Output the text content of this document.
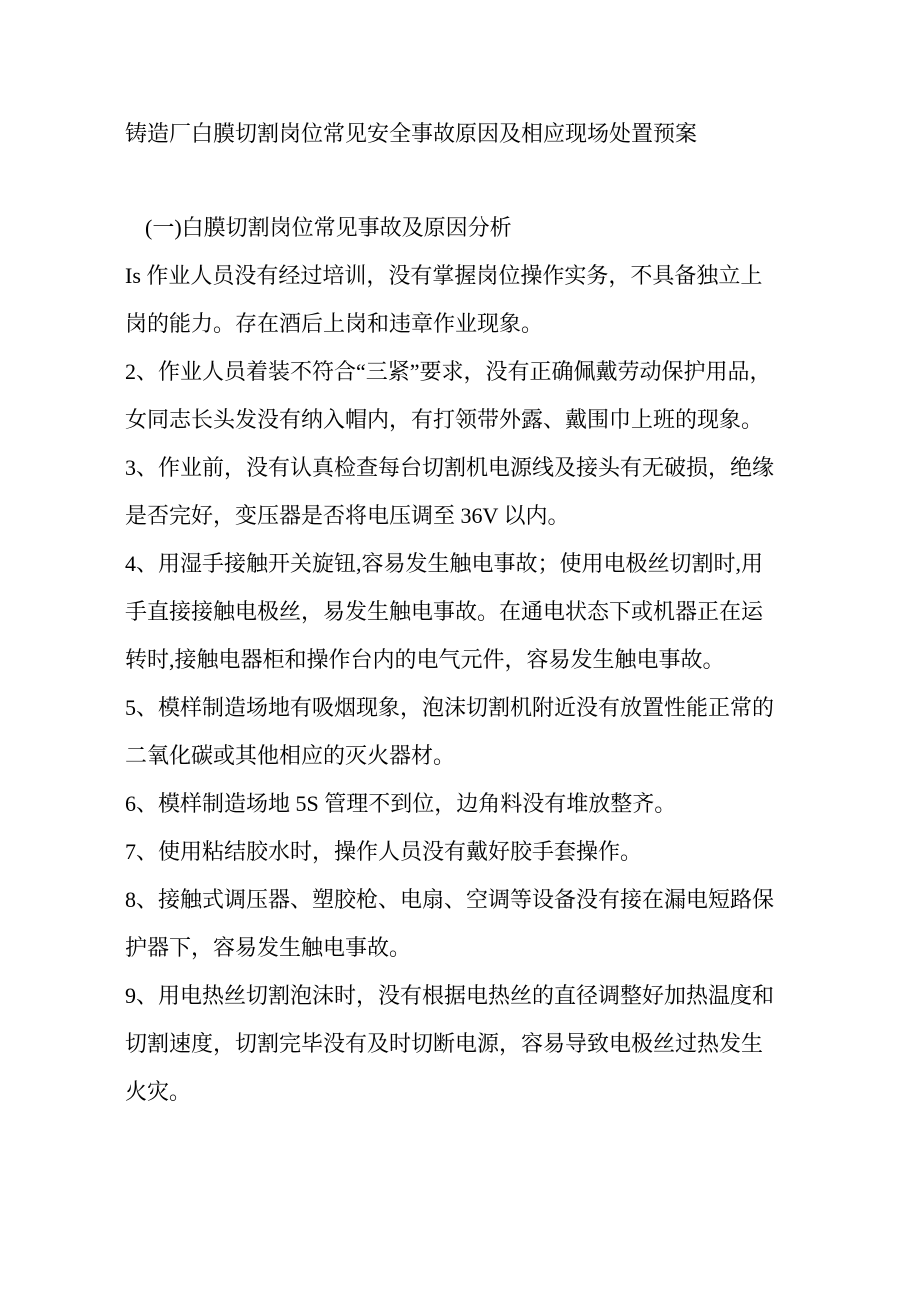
铸造厂白膜切割岗位常见安全事故原因及相应现场处置预案

(一)白膜切割岗位常见事故及原因分析

Is 作业人员没有经过培训，没有掌握岗位操作实务，不具备独立上岗的能力。存在酒后上岗和违章作业现象。

2、作业人员着装不符合“三紧”要求，没有正确佩戴劳动保护用品，女同志长头发没有纳入帽内，有打领带外露、戴围巾上班的现象。

3、作业前，没有认真检查每台切割机电源线及接头有无破损，绝缘是否完好，变压器是否将电压调至 36V 以内。

4、用湿手接触开关旋钮,容易发生触电事故；使用电极丝切割时,用手直接接触电极丝，易发生触电事故。在通电状态下或机器正在运转时,接触电器柜和操作台内的电气元件，容易发生触电事故。

5、模样制造场地有吸烟现象，泡沫切割机附近没有放置性能正常的二氧化碳或其他相应的灭火器材。

6、模样制造场地 5S 管理不到位，边角料没有堆放整齐。

7、使用粘结胶水时，操作人员没有戴好胶手套操作。

8、接触式调压器、塑胶枪、电扇、空调等设备没有接在漏电短路保护器下，容易发生触电事故。

9、用电热丝切割泡沫时，没有根据电热丝的直径调整好加热温度和切割速度，切割完毕没有及时切断电源，容易导致电极丝过热发生火灾。
